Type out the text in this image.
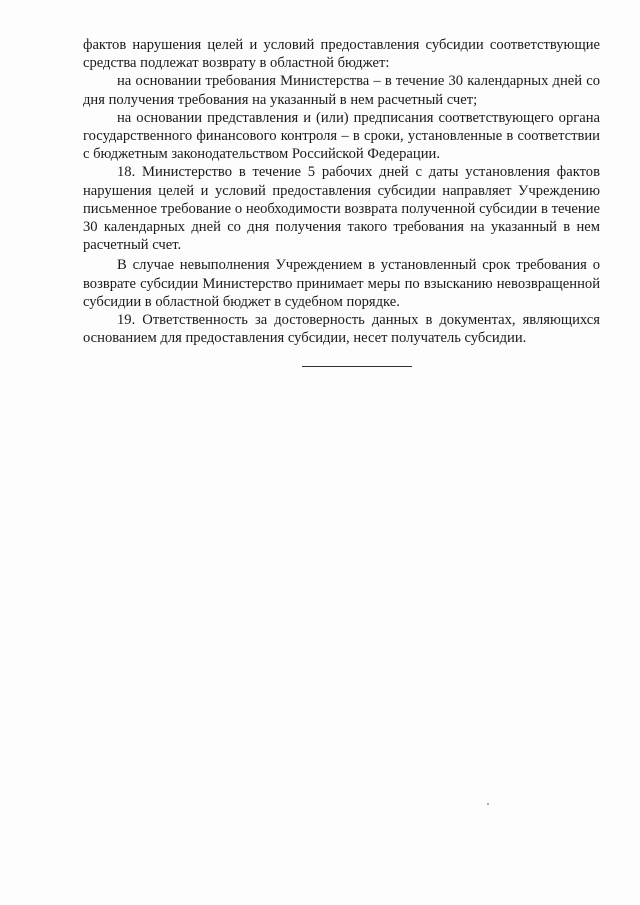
фактов нарушения целей и условий предоставления субсидии соответствующие средства подлежат возврату в областной бюджет:

на основании требования Министерства – в течение 30 календарных дней со дня получения требования на указанный в нем расчетный счет;

на основании представления и (или) предписания соответствующего органа государственного финансового контроля – в сроки, установленные в соответствии с бюджетным законодательством Российской Федерации.

18. Министерство в течение 5 рабочих дней с даты установления фактов нарушения целей и условий предоставления субсидии направляет Учреждению письменное требование о необходимости возврата полученной субсидии в течение 30 календарных дней со дня получения такого требования на указанный в нем расчетный счет.

В случае невыполнения Учреждением в установленный срок требования о возврате субсидии Министерство принимает меры по взысканию невозвращенной субсидии в областной бюджет в судебном порядке.

19. Ответственность за достоверность данных в документах, являющихся основанием для предоставления субсидии, несет получатель субсидии.
